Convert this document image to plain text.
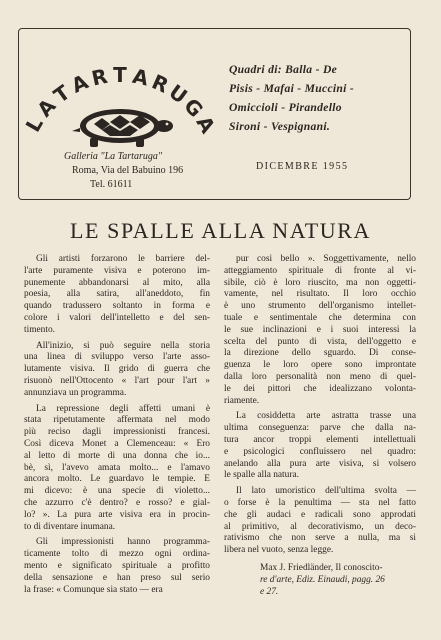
L
A
T
A
R T A
R
U
G
A
Galleria "La Tartaruga"
Roma, Via del Babuino 196
Tel. 61611
Quadri di: Balla - De
Pisis - Mafai - Muccini -
Omiccioli - Pirandello
Sironi - Vespignani.
DICEMBRE 1955
LE SPALLE ALLA NATURA
Gli artisti forzarono le barriere del-
l'arte puramente visiva e poterono im-
punemente abbandonarsi al mito, alla
poesia, alla satira, all'aneddoto, fin
quando tradussero soltanto in forma e
colore i valori dell'intelletto e del sen-
timento.
All'inizio, si può seguire nella storia
una linea di sviluppo verso l'arte asso-
lutamente visiva. Il grido di guerra che
risuonò nell'Ottocento « l'art pour l'art »
annunziava un programma.
La repressione degli affetti umani è
stata ripetutamente affermata nel modo
più reciso dagli impressionisti francesi.
Così diceva Monet a Clemenceau: « Ero
al letto di morte di una donna che io...
bè, sì, l'avevo amata molto... e l'amavo
ancora molto. Le guardavo le tempie. E
mi dicevo: è una specie di violetto...
che azzurro c'è dentro? e rosso? e gial-
lo? ». La pura arte visiva era in procin-
to di diventare inumana.
Gli impressionisti hanno programma-
ticamente tolto di mezzo ogni ordina-
mento e significato spirituale a profitto
della sensazione e han preso sul serio
la frase: « Comunque sia stato — era
pur così bello ». Soggettivamente, nello
atteggiamento spirituale di fronte al vi-
sibile, ciò è loro riuscito, ma non oggetti-
vamente, nel risultato. Il loro occhio
è uno strumento dell'organismo intellet-
tuale e sentimentale che determina con
le sue inclinazioni e i suoi interessi la
scelta del punto di vista, dell'oggetto e
la direzione dello sguardo. Di conse-
guenza le loro opere sono improntate
dalla loro personalità non meno di quel-
le dei pittori che idealizzano volonta-
riamente.
La cosiddetta arte astratta trasse una
ultima conseguenza: parve che dalla na-
tura ancor troppi elementi intellettuali
e psicologici confluissero nel quadro:
anelando alla pura arte visiva, si volsero
le spalle alla natura.
Il lato umoristico dell'ultima svolta —
o forse è la penultima — sta nel fatto
che gli audaci e radicali sono approdati
al primitivo, al decorativismo, un deco-
rativismo che non serve a nulla, ma si
libera nel vuoto, senza legge.
Max J. Friedländer, Il conoscito-
re d'arte, Ediz. Einaudi, pagg. 26
e 27.
